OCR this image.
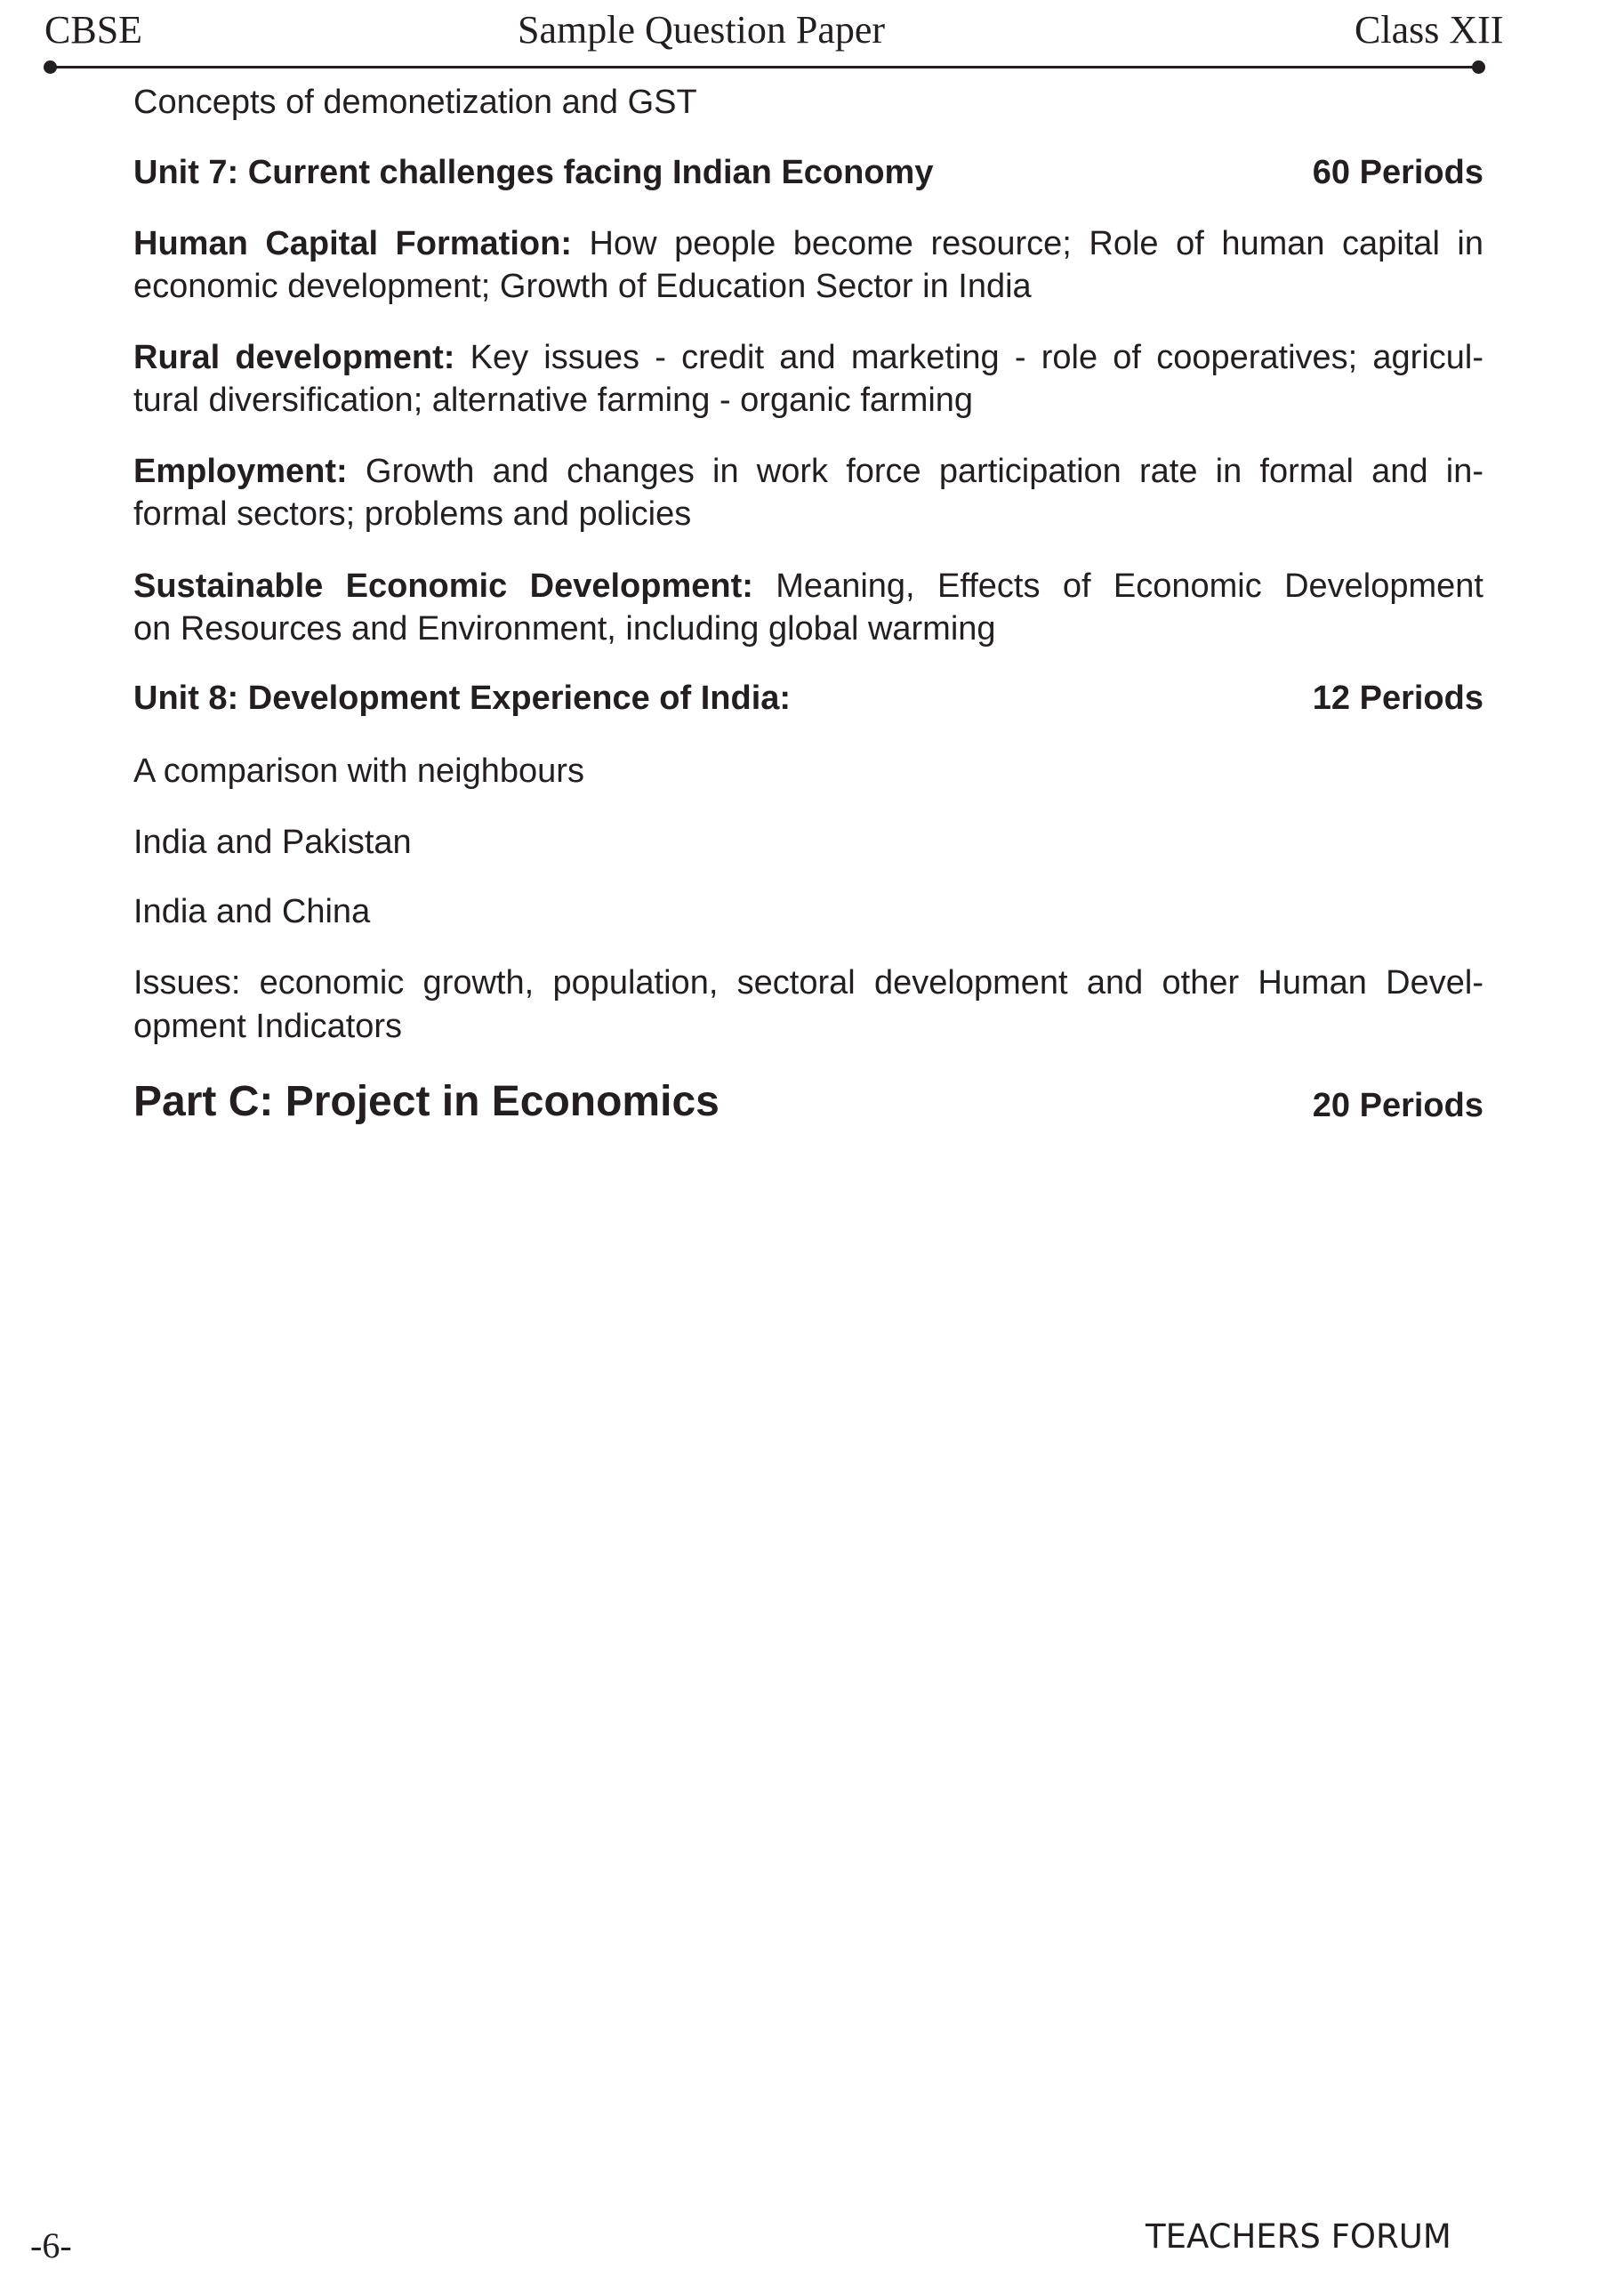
CBSE	Sample Question Paper	Class XII
Concepts of demonetization and GST
Unit 7: Current challenges facing Indian Economy	60 Periods
Human Capital Formation: How people become resource; Role of human capital in
economic development; Growth of Education Sector in India
Rural development: Key issues - credit and marketing - role of cooperatives; agricul-
tural diversification; alternative farming - organic farming
Employment: Growth and changes in work force participation rate in formal and in-
formal sectors; problems and policies
Sustainable Economic Development: Meaning, Effects of Economic Development
on Resources and Environment, including global warming
Unit 8: Development Experience of India:	12 Periods
A comparison with neighbours
India and Pakistan
India and China
Issues: economic growth, population, sectoral development and other Human Devel-
opment Indicators
Part C: Project in Economics	20 Periods
-6-	TEACHERS FORUM
